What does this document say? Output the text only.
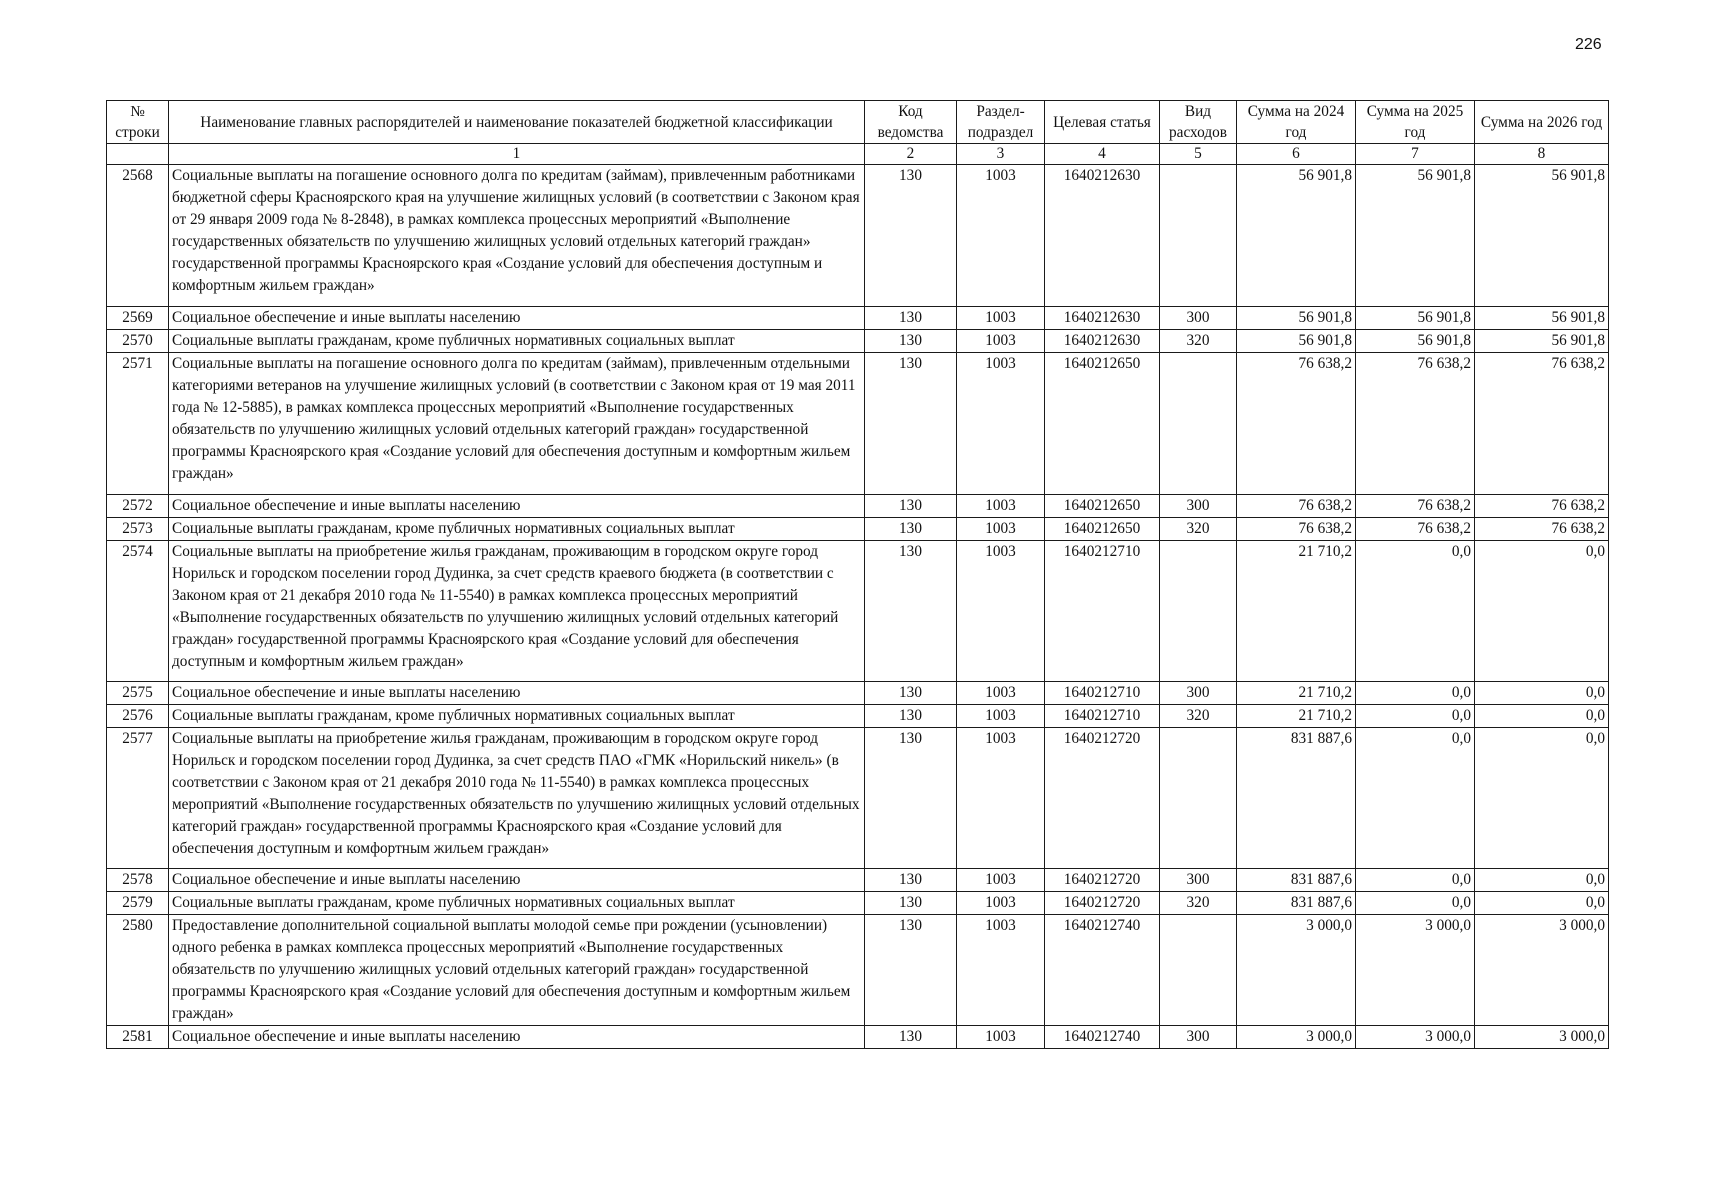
226
№ строки	Наименование главных распорядителей и наименование показателей бюджетной классификации	Код ведомства	Раздел-подраздел	Целевая статья	Вид расходов	Сумма на 2024 год	Сумма на 2025 год	Сумма на 2026 год
	1	2	3	4	5	6	7	8
2568	Социальные выплаты на погашение основного долга по кредитам (займам), привлеченным работниками бюджетной сферы Красноярского края на улучшение жилищных условий (в соответствии с Законом края от 29 января 2009 года № 8-2848), в рамках комплекса процессных мероприятий «Выполнение государственных обязательств по улучшению жилищных условий отдельных категорий граждан» государственной программы Красноярского края «Создание условий для обеспечения доступным и комфортным жильем граждан»	130	1003	1640212630		56 901,8	56 901,8	56 901,8
2569	Социальное обеспечение и иные выплаты населению	130	1003	1640212630	300	56 901,8	56 901,8	56 901,8
2570	Социальные выплаты гражданам, кроме публичных нормативных социальных выплат	130	1003	1640212630	320	56 901,8	56 901,8	56 901,8
2571	Социальные выплаты на погашение основного долга по кредитам (займам), привлеченным отдельными категориями ветеранов на улучшение жилищных условий (в соответствии с Законом края от 19 мая 2011 года № 12-5885), в рамках комплекса процессных мероприятий «Выполнение государственных обязательств по улучшению жилищных условий отдельных категорий граждан» государственной программы Красноярского края «Создание условий для обеспечения доступным и комфортным жильем граждан»	130	1003	1640212650		76 638,2	76 638,2	76 638,2
2572	Социальное обеспечение и иные выплаты населению	130	1003	1640212650	300	76 638,2	76 638,2	76 638,2
2573	Социальные выплаты гражданам, кроме публичных нормативных социальных выплат	130	1003	1640212650	320	76 638,2	76 638,2	76 638,2
2574	Социальные выплаты на приобретение жилья гражданам, проживающим в городском округе город Норильск и городском поселении город Дудинка, за счет средств краевого бюджета (в соответствии с Законом края от 21 декабря 2010 года № 11-5540) в рамках комплекса процессных мероприятий «Выполнение государственных обязательств по улучшению жилищных условий отдельных категорий граждан» государственной программы Красноярского края «Создание условий для обеспечения доступным и комфортным жильем граждан»	130	1003	1640212710		21 710,2	0,0	0,0
2575	Социальное обеспечение и иные выплаты населению	130	1003	1640212710	300	21 710,2	0,0	0,0
2576	Социальные выплаты гражданам, кроме публичных нормативных социальных выплат	130	1003	1640212710	320	21 710,2	0,0	0,0
2577	Социальные выплаты на приобретение жилья гражданам, проживающим в городском округе город Норильск и городском поселении город Дудинка, за счет средств ПАО «ГМК «Норильский никель» (в соответствии с Законом края от 21 декабря 2010 года № 11-5540) в рамках комплекса процессных мероприятий «Выполнение государственных обязательств по улучшению жилищных условий отдельных категорий граждан» государственной программы Красноярского края «Создание условий для обеспечения доступным и комфортным жильем граждан»	130	1003	1640212720		831 887,6	0,0	0,0
2578	Социальное обеспечение и иные выплаты населению	130	1003	1640212720	300	831 887,6	0,0	0,0
2579	Социальные выплаты гражданам, кроме публичных нормативных социальных выплат	130	1003	1640212720	320	831 887,6	0,0	0,0
2580	Предоставление дополнительной социальной выплаты молодой семье при рождении (усыновлении) одного ребенка в рамках комплекса процессных мероприятий «Выполнение государственных обязательств по улучшению жилищных условий отдельных категорий граждан» государственной программы Красноярского края «Создание условий для обеспечения доступным и комфортным жильем граждан»	130	1003	1640212740		3 000,0	3 000,0	3 000,0
2581	Социальное обеспечение и иные выплаты населению	130	1003	1640212740	300	3 000,0	3 000,0	3 000,0
